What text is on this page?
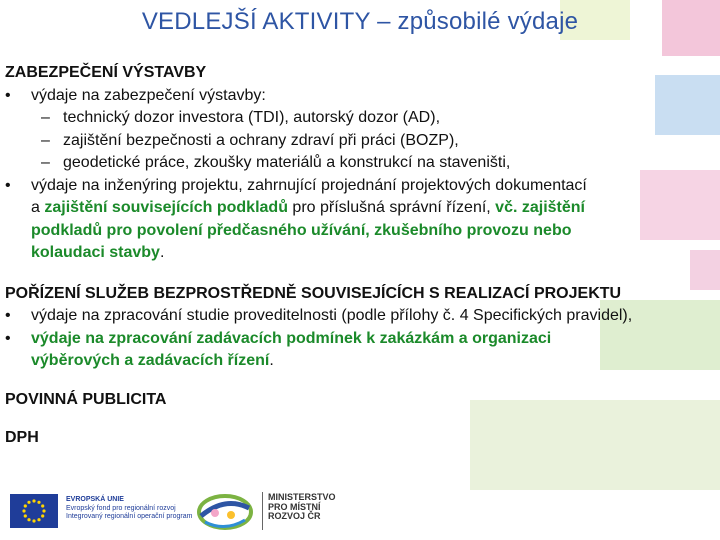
VEDLEJŠÍ AKTIVITY – způsobilé výdaje
ZABEZPEČENÍ VÝSTAVBY
• výdaje na zabezpečení výstavby:
– technický dozor investora (TDI), autorský dozor (AD),
– zajištění bezpečnosti a ochrany zdraví při práci (BOZP),
– geodetické práce, zkoušky materiálů a konstrukcí na staveništi,
• výdaje na inženýring projektu, zahrnující projednání projektových dokumentací
a zajištění souvisejících podkladů pro příslušná správní řízení, vč. zajištění
podkladů pro povolení předčasného užívání, zkušebního provozu nebo
kolaudaci stavby.
POŘÍZENÍ SLUŽEB BEZPROSTŘEDNĚ SOUVISEJÍCÍCH S REALIZACÍ PROJEKTU
• výdaje na zpracování studie proveditelnosti (podle přílohy č. 4 Specifických pravidel),
• výdaje na zpracování zadávacích podmínek k zakázkám a organizaci
výběrových a zadávacích řízení.
POVINNÁ PUBLICITA
DPH
EVROPSKÁ UNIE
Evropský fond pro regionální rozvoj
Integrovaný regionální operační program
MINISTERSTVO
PRO MÍSTNÍ
ROZVOJ ČR
